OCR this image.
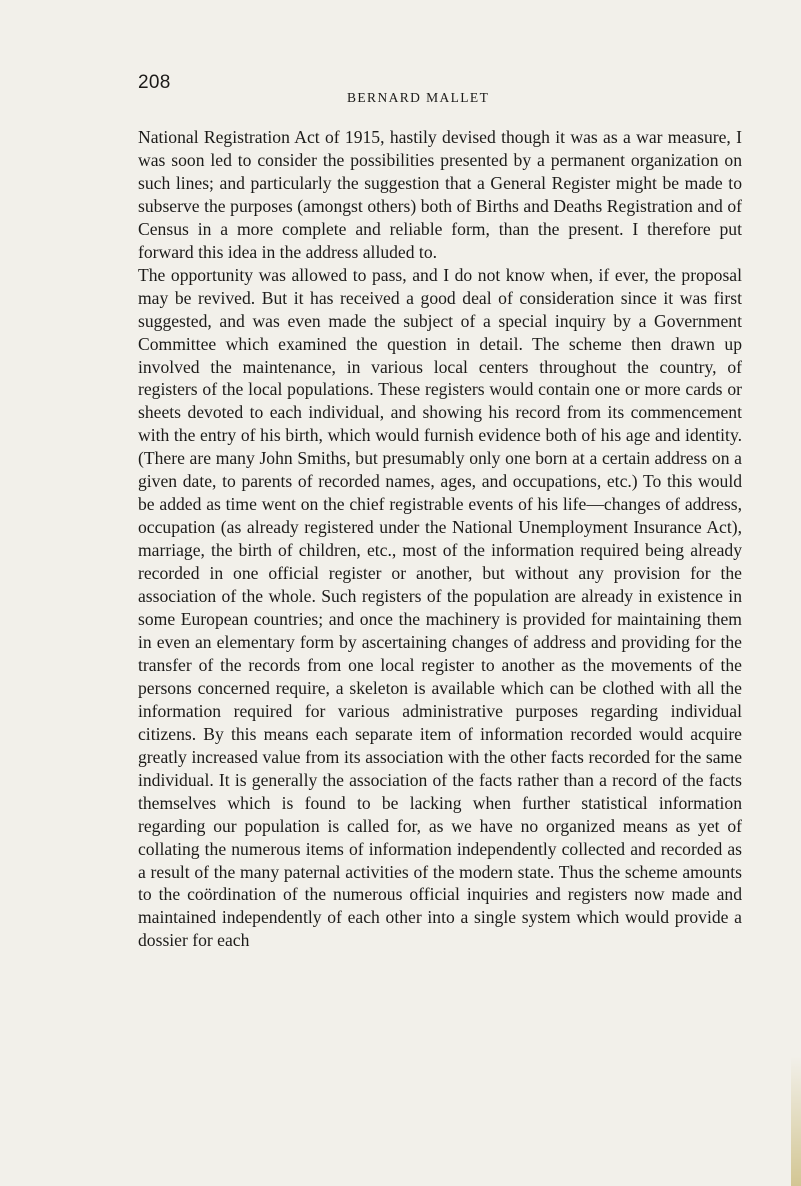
208
BERNARD MALLET

National Registration Act of 1915, hastily devised though it was as a war measure, I was soon led to consider the possibilities presented by a permanent organization on such lines; and particularly the suggestion that a General Register might be made to subserve the purposes (amongst others) both of Births and Deaths Registration and of Census in a more complete and reliable form, than the present. I therefore put forward this idea in the address alluded to.

The opportunity was allowed to pass, and I do not know when, if ever, the proposal may be revived. But it has received a good deal of consideration since it was first suggested, and was even made the subject of a special inquiry by a Government Committee which examined the question in detail. The scheme then drawn up involved the maintenance, in various local centers throughout the country, of registers of the local populations. These registers would contain one or more cards or sheets devoted to each individual, and showing his record from its commencement with the entry of his birth, which would furnish evidence both of his age and identity. (There are many John Smiths, but presumably only one born at a certain address on a given date, to parents of recorded names, ages, and occupations, etc.) To this would be added as time went on the chief registrable events of his life—changes of address, occupation (as already registered under the National Unemployment Insurance Act), marriage, the birth of children, etc., most of the information required being already recorded in one official register or another, but without any provision for the association of the whole. Such registers of the population are already in existence in some European countries; and once the machinery is provided for maintaining them in even an elementary form by ascertaining changes of address and providing for the transfer of the records from one local register to another as the movements of the persons concerned require, a skeleton is available which can be clothed with all the information required for various administrative purposes regarding individual citizens. By this means each separate item of information recorded would acquire greatly increased value from its association with the other facts recorded for the same individual. It is generally the association of the facts rather than a record of the facts themselves which is found to be lacking when further statistical information regarding our population is called for, as we have no organized means as yet of collating the numerous items of information independently collected and recorded as a result of the many paternal activities of the modern state. Thus the scheme amounts to the coördination of the numerous official inquiries and registers now made and maintained independently of each other into a single system which would provide a dossier for each
